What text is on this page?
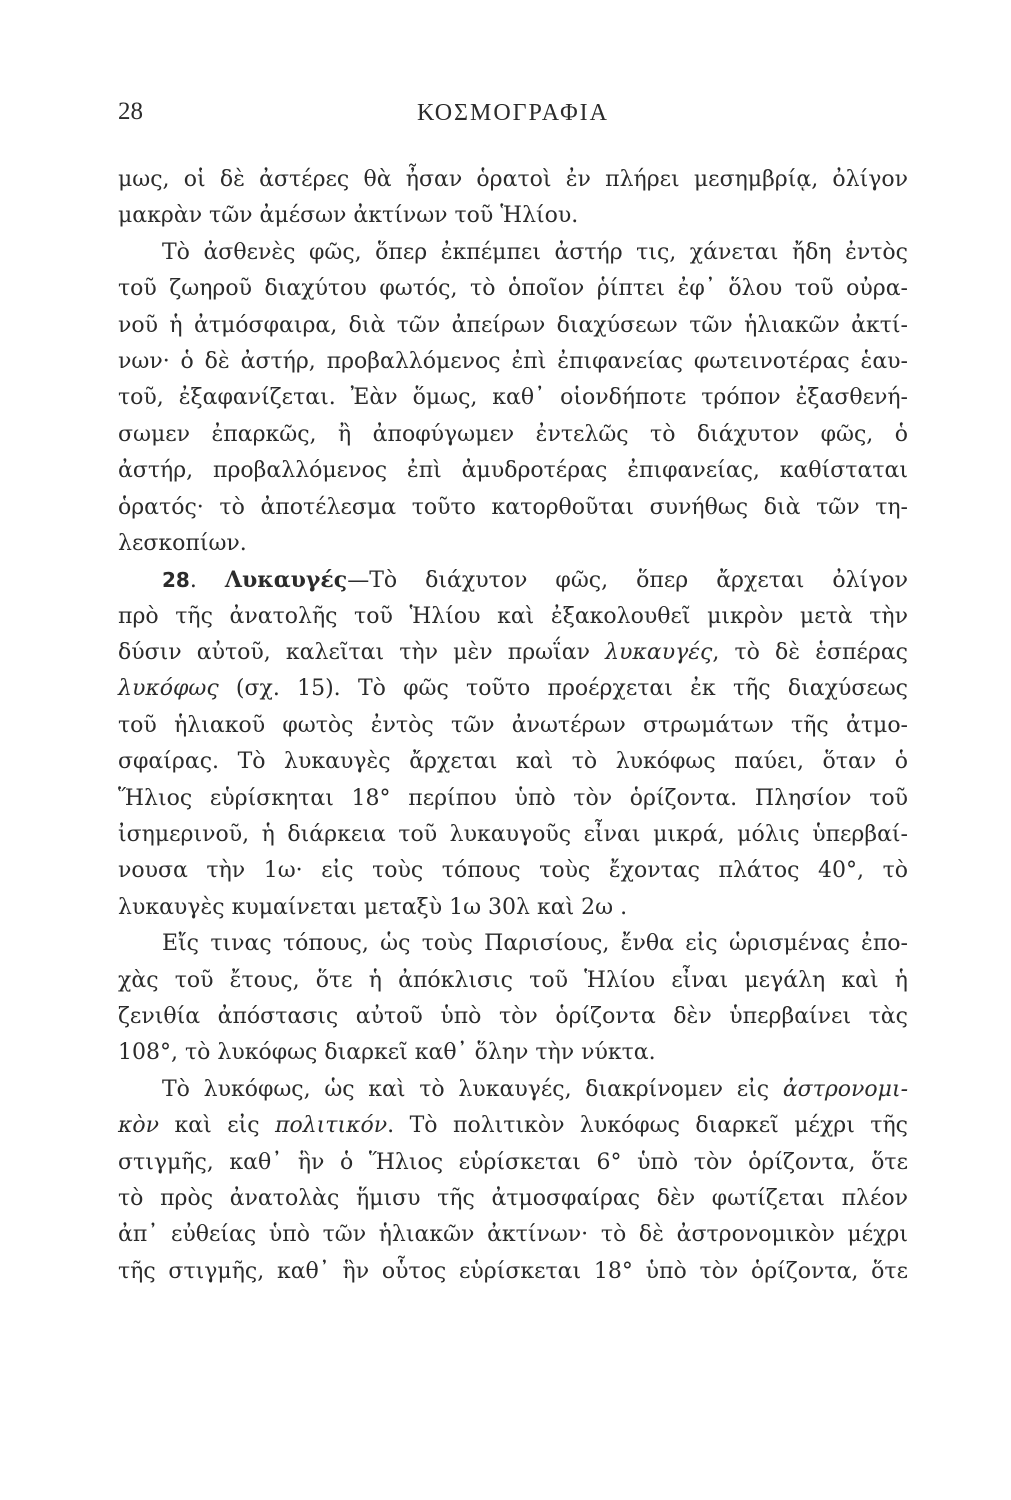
28	ΚΟΣΜΟΓΡΑΦΙΑ
μως, οἱ δὲ ἀστέρες θὰ ἦσαν ὁρατοὶ ἐν πλήρει μεσημβρίᾳ, ὀλίγον
μακρὰν τῶν ἀμέσων ἀκτίνων τοῦ Ἡλίου.
Τὸ ἀσθενὲς φῶς, ὅπερ ἐκπέμπει ἀστήρ τις, χάνεται ἤδη ἐντὸς
τοῦ ζωηροῦ διαχύτου φωτός, τὸ ὁποῖον ῥίπτει ἐφ᾿ ὅλου τοῦ οὐρα-
νοῦ ἡ ἀτμόσφαιρα, διὰ τῶν ἀπείρων διαχύσεων τῶν ἡλιακῶν ἀκτί-
νων· ὁ δὲ ἀστήρ, προβαλλόμενος ἐπὶ ἐπιφανείας φωτεινοτέρας ἑαυ-
τοῦ, ἐξαφανίζεται. Ἐὰν ὅμως, καθ᾿ οἱονδήποτε τρόπον ἐξασθενή-
σωμεν ἐπαρκῶς, ἢ ἀποφύγωμεν ἐντελῶς τὸ διάχυτον φῶς, ὁ
ἀστήρ, προβαλλόμενος ἐπὶ ἀμυδροτέρας ἐπιφανείας, καθίσταται
ὁρατός· τὸ ἀποτέλεσμα τοῦτο κατορθοῦται συνήθως διὰ τῶν τη-
λεσκοπίων.
28. Λυκαυγές—Τὸ διάχυτον φῶς, ὅπερ ἄρχεται ὀλίγον
πρὸ τῆς ἀνατολῆς τοῦ Ἡλίου καὶ ἐξακολουθεῖ μικρὸν μετὰ τὴν
δύσιν αὐτοῦ, καλεῖται τὴν μὲν πρωΐαν λυκαυγές, τὸ δὲ ἑσπέρας
λυκόφως (σχ. 15). Τὸ φῶς τοῦτο προέρχεται ἐκ τῆς διαχύσεως
τοῦ ἡλιακοῦ φωτὸς ἐντὸς τῶν ἀνωτέρων στρωμάτων τῆς ἀτμο-
σφαίρας. Τὸ λυκαυγὲς ἄρχεται καὶ τὸ λυκόφως παύει, ὅταν ὁ
Ἥλιος εὑρίσκηται 18° περίπου ὑπὸ τὸν ὁρίζοντα. Πλησίον τοῦ
ἰσημερινοῦ, ἡ διάρκεια τοῦ λυκαυγοῦς εἶναι μικρά, μόλις ὑπερβαί-
νουσα τὴν 1ω· εἰς τοὺς τόπους τοὺς ἔχοντας πλάτος 40°, τὸ
λυκαυγὲς κυμαίνεται μεταξὺ 1ω 30λ καὶ 2ω .
Εἴς τινας τόπους, ὡς τοὺς Παρισίους, ἔνθα εἰς ὡρισμένας ἐπο-
χὰς τοῦ ἔτους, ὅτε ἡ ἀπόκλισις τοῦ Ἡλίου εἶναι μεγάλη καὶ ἡ
ζενιθία ἀπόστασις αὐτοῦ ὑπὸ τὸν ὁρίζοντα δὲν ὑπερβαίνει τὰς
108°, τὸ λυκόφως διαρκεῖ καθ᾿ ὅλην τὴν νύκτα.
Τὸ λυκόφως, ὡς καὶ τὸ λυκαυγές, διακρίνομεν εἰς ἀστρονομι-
κὸν καὶ εἰς πολιτικόν. Τὸ πολιτικὸν λυκόφως διαρκεῖ μέχρι τῆς
στιγμῆς, καθ᾿ ἣν ὁ Ἥλιος εὑρίσκεται 6° ὑπὸ τὸν ὁρίζοντα, ὅτε
τὸ πρὸς ἀνατολὰς ἥμισυ τῆς ἀτμοσφαίρας δὲν φωτίζεται πλέον
ἀπ᾿ εὐθείας ὑπὸ τῶν ἡλιακῶν ἀκτίνων· τὸ δὲ ἀστρονομικὸν μέχρι
τῆς στιγμῆς, καθ᾿ ἣν οὗτος εὑρίσκεται 18° ὑπὸ τὸν ὁρίζοντα, ὅτε
